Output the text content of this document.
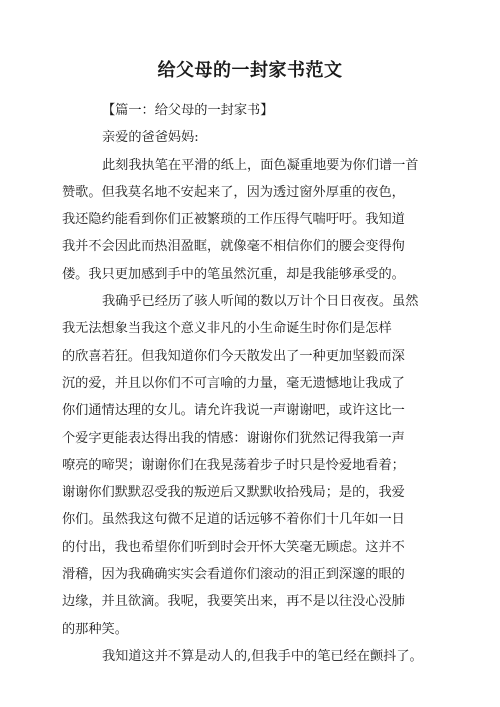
给父母的一封家书范文

【篇一：给父母的一封家书】

亲爱的爸爸妈妈:

此刻我执笔在平滑的纸上，面色凝重地要为你们谱一首
赞歌。但我莫名地不安起来了，因为透过窗外厚重的夜色，
我还隐约能看到你们正被繁琐的工作压得气喘吁吁。我知道
我并不会因此而热泪盈眶，就像毫不相信你们的腰会变得佝
偻。我只更加感到手中的笔虽然沉重，却是我能够承受的。
我确乎已经历了骇人听闻的数以万计个日日夜夜。虽然
我无法想象当我这个意义非凡的小生命诞生时你们是怎样
的欣喜若狂。但我知道你们今天散发出了一种更加坚毅而深
沉的爱，并且以你们不可言喻的力量，毫无遗憾地让我成了
你们通情达理的女儿。请允许我说一声谢谢吧，或许这比一
个爱字更能表达得出我的情感：谢谢你们犹然记得我第一声
嘹亮的啼哭；谢谢你们在我晃荡着步子时只是怜爱地看着；
谢谢你们默默忍受我的叛逆后又默默收拾残局；是的，我爱
你们。虽然我这句微不足道的话远够不着你们十几年如一日
的付出，我也希望你们听到时会开怀大笑毫无顾虑。这并不
滑稽，因为我确确实实会看道你们滚动的泪正到深邃的眼的
边缘，并且欲滴。我呢，我要笑出来，再不是以往没心没肺
的那种笑。
我知道这并不算是动人的,但我手中的笔已经在颤抖了。
